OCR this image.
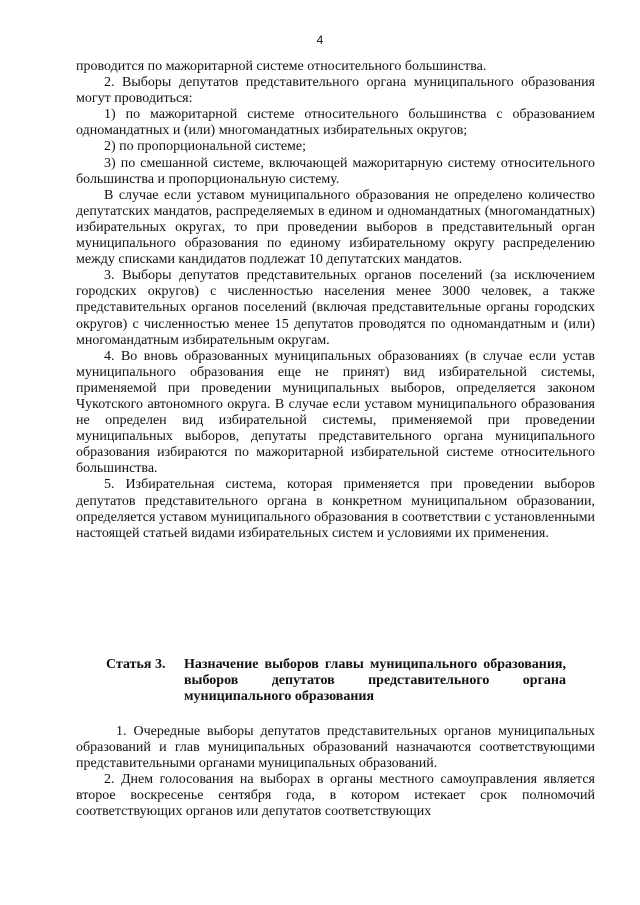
4

проводится по мажоритарной системе относительного большинства.

2. Выборы депутатов представительного органа муниципального образования могут проводиться:

1) по мажоритарной системе относительного большинства с образованием одномандатных и (или) многомандатных избирательных округов;

2) по пропорциональной системе;

3) по смешанной системе, включающей мажоритарную систему относительного большинства и пропорциональную систему.

В случае если уставом муниципального образования не определено количество депутатских мандатов, распределяемых в едином и одномандатных (многомандатных) избирательных округах, то при проведении выборов в представительный орган муниципального образования по единому избирательному округу распределению между списками кандидатов подлежат 10 депутатских мандатов.

3. Выборы депутатов представительных органов поселений (за исключением городских округов) с численностью населения менее 3000 человек, а также представительных органов поселений (включая представительные органы городских округов) с численностью менее 15 депутатов проводятся по одномандатным и (или) многомандатным избирательным округам.

4. Во вновь образованных муниципальных образованиях (в случае если устав муниципального образования еще не принят) вид избирательной системы, применяемой при проведении муниципальных выборов, определяется законом Чукотского автономного округа. В случае если уставом муниципального образования не определен вид избирательной системы, применяемой при проведении муниципальных выборов, депутаты представительного органа муниципального образования избираются по мажоритарной избирательной системе относительного большинства.

5. Избирательная система, которая применяется при проведении выборов депутатов представительного органа в конкретном муниципальном образовании, определяется уставом муниципального образования в соответствии с установленными настоящей статьей видами избирательных систем и условиями их применения.

Статья 3.	Назначение выборов главы муниципального образования, выборов депутатов представительного органа муниципального образования

1. Очередные выборы депутатов представительных органов муниципальных образований и глав муниципальных образований назначаются соответствующими представительными органами муниципальных образований.

2. Днем голосования на выборах в органы местного самоуправления является второе воскресенье сентября года, в котором истекает срок полномочий соответствующих органов или депутатов соответствующих
